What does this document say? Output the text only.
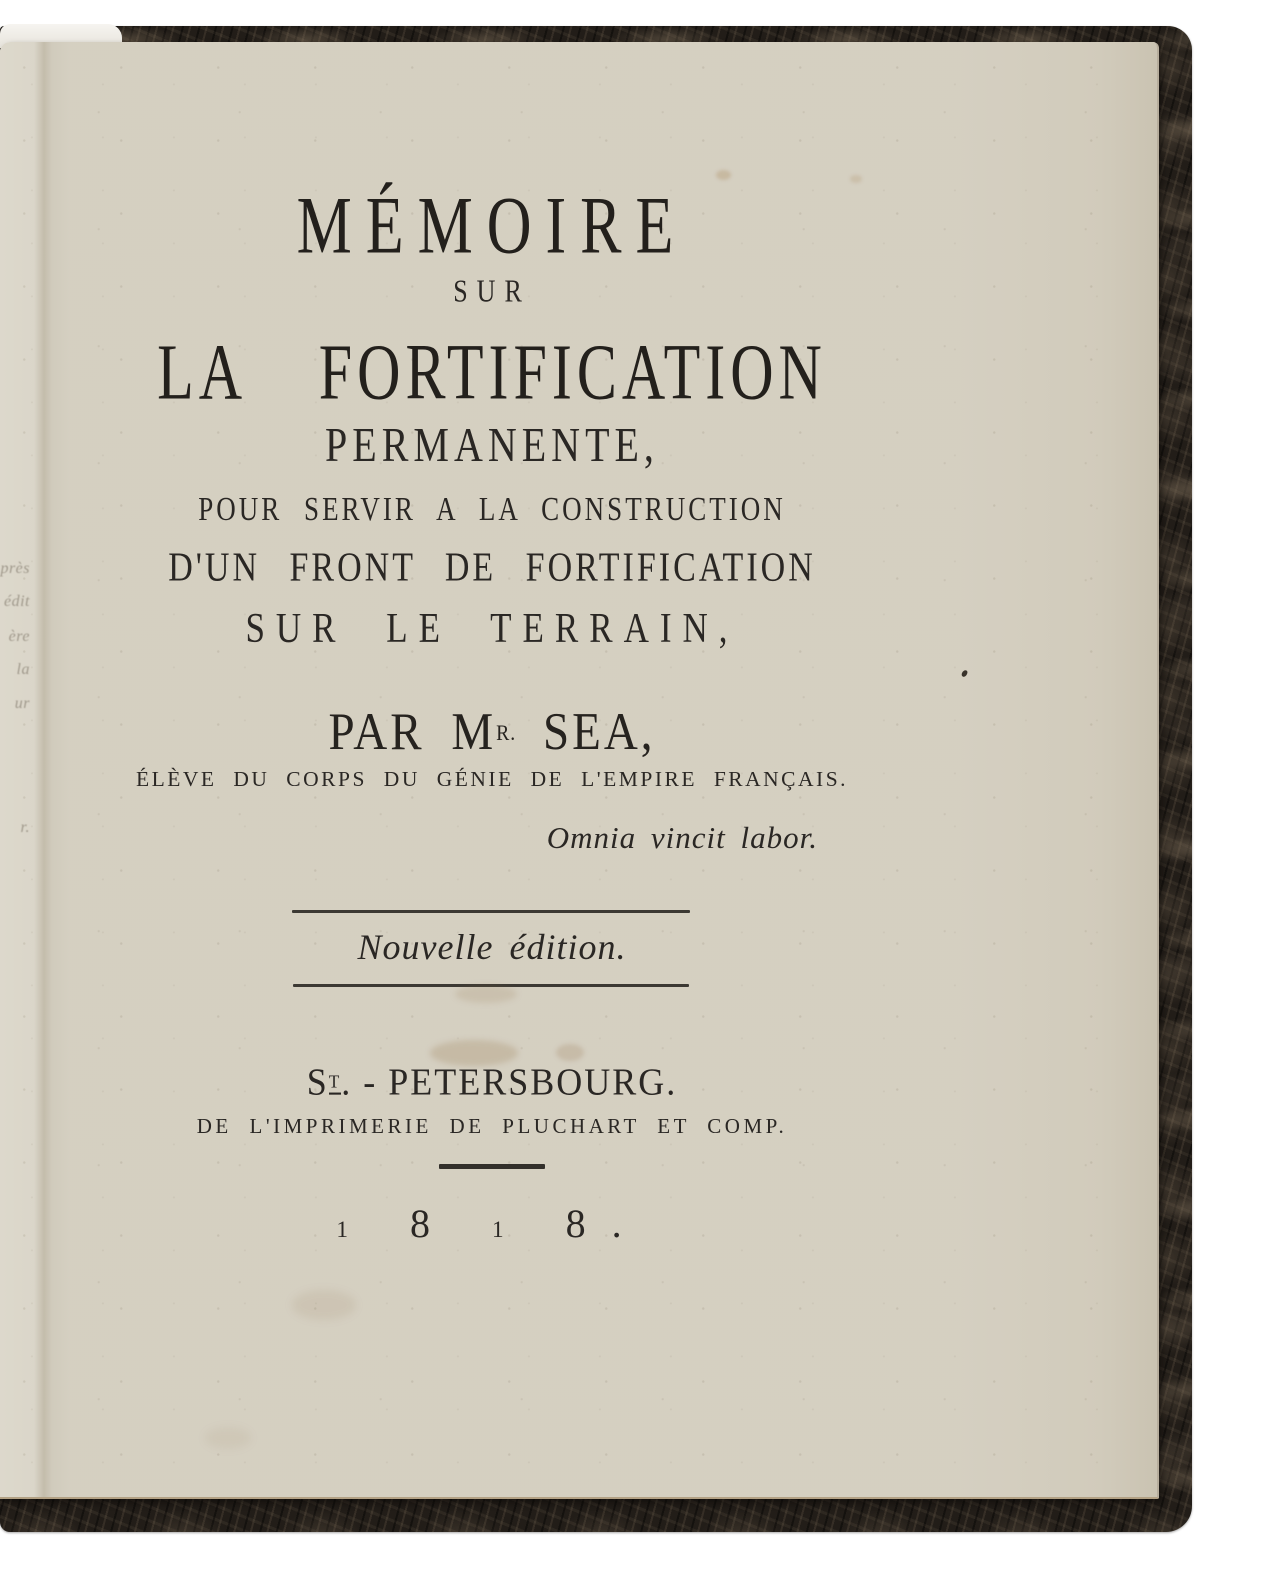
près
édit
ère
la
ur
r.
MÉMOIRE
SUR
LA FORTIFICATION
PERMANENTE,
POUR SERVIR A LA CONSTRUCTION
D'UN FRONT DE FORTIFICATION
SUR LE TERRAIN,
PAR $M^{R.}$ SEA,
ÉLÈVE DU CORPS DU GÉNIE DE L'EMPIRE FRANÇAIS.
Omnia vincit labor.
Nouvelle édition.
$S^T$. - PETERSBOURG.
DE L'IMPRIMERIE DE PLUCHART ET COMP.
1 8 1 8.
